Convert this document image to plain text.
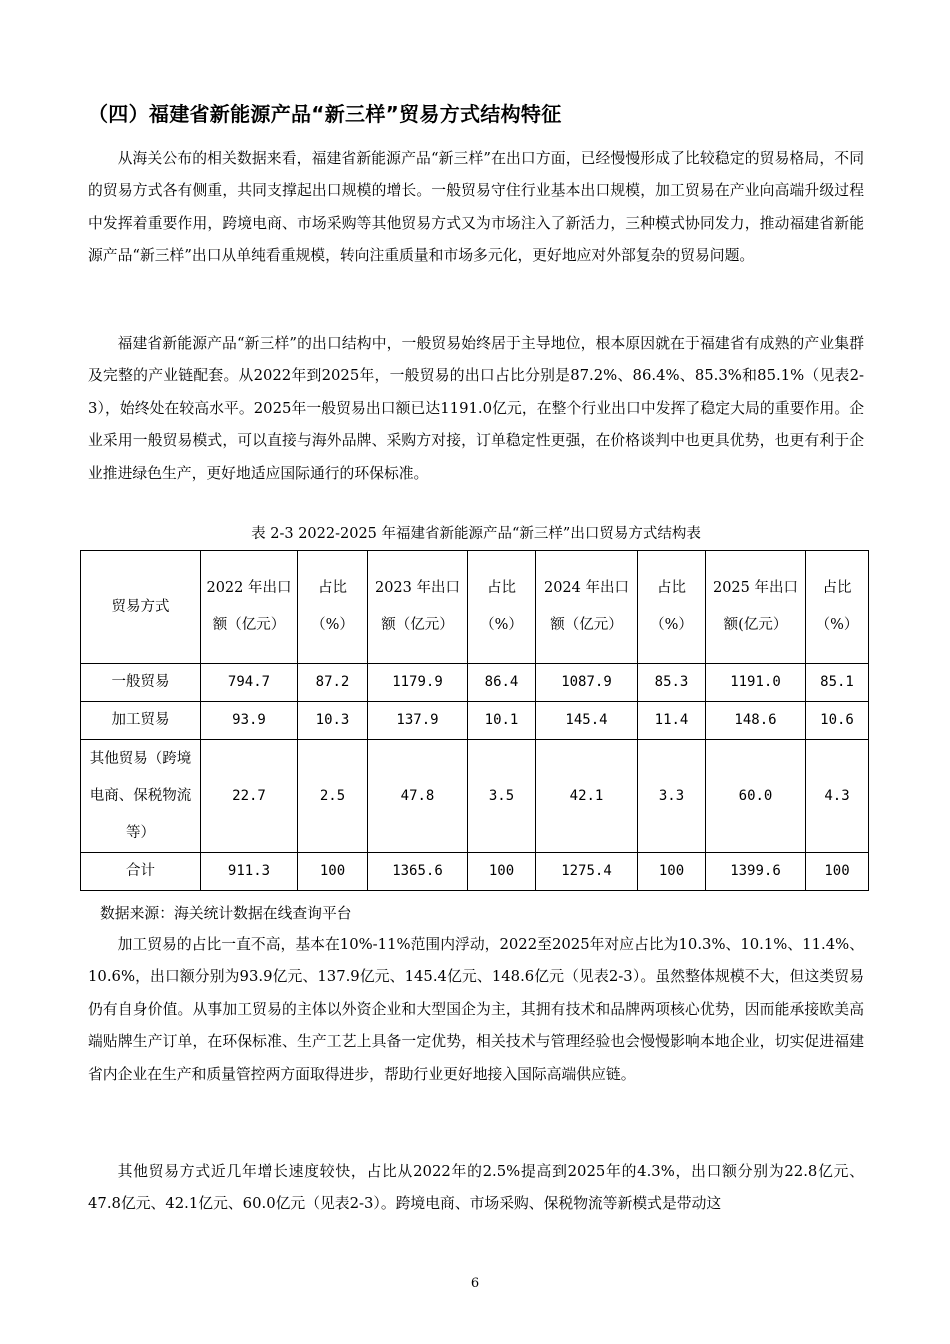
（四）福建省新能源产品“新三样”贸易方式结构特征

从海关公布的相关数据来看，福建省新能源产品“新三样”在出口方面，已经慢慢形成了比较稳定的贸易格局，不同的贸易方式各有侧重，共同支撑起出口规模的增长。一般贸易守住行业基本出口规模，加工贸易在产业向高端升级过程中发挥着重要作用，跨境电商、市场采购等其他贸易方式又为市场注入了新活力，三种模式协同发力，推动福建省新能源产品“新三样”出口从单纯看重规模，转向注重质量和市场多元化，更好地应对外部复杂的贸易问题。

福建省新能源产品“新三样”的出口结构中，一般贸易始终居于主导地位，根本原因就在于福建省有成熟的产业集群及完整的产业链配套。从2022年到2025年，一般贸易的出口占比分别是87.2%、86.4%、85.3%和85.1%（见表2-3），始终处在较高水平。2025年一般贸易出口额已达1191.0亿元，在整个行业出口中发挥了稳定大局的重要作用。企业采用一般贸易模式，可以直接与海外品牌、采购方对接，订单稳定性更强，在价格谈判中也更具优势，也更有利于企业推进绿色生产，更好地适应国际通行的环保标准。

表 2-3 2022-2025 年福建省新能源产品“新三样”出口贸易方式结构表
贸易方式	2022 年出口额（亿元）	占比（%）	2023 年出口额（亿元）	占比（%）	2024 年出口额（亿元）	占比（%）	2025 年出口额(亿元）	占比（%）
一般贸易	794.7	87.2	1179.9	86.4	1087.9	85.3	1191.0	85.1
加工贸易	93.9	10.3	137.9	10.1	145.4	11.4	148.6	10.6
其他贸易（跨境电商、保税物流等）	22.7	2.5	47.8	3.5	42.1	3.3	60.0	4.3
合计	911.3	100	1365.6	100	1275.4	100	1399.6	100
数据来源：海关统计数据在线查询平台

加工贸易的占比一直不高，基本在10%-11%范围内浮动，2022至2025年对应占比为10.3%、10.1%、11.4%、10.6%，出口额分别为93.9亿元、137.9亿元、145.4亿元、148.6亿元（见表2-3）。虽然整体规模不大，但这类贸易仍有自身价值。从事加工贸易的主体以外资企业和大型国企为主，其拥有技术和品牌两项核心优势，因而能承接欧美高端贴牌生产订单，在环保标准、生产工艺上具备一定优势，相关技术与管理经验也会慢慢影响本地企业，切实促进福建省内企业在生产和质量管控两方面取得进步，帮助行业更好地接入国际高端供应链。

其他贸易方式近几年增长速度较快，占比从2022年的2.5%提高到2025年的4.3%，出口额分别为22.8亿元、47.8亿元、42.1亿元、60.0亿元（见表2-3）。跨境电商、市场采购、保税物流等新模式是带动这

6
